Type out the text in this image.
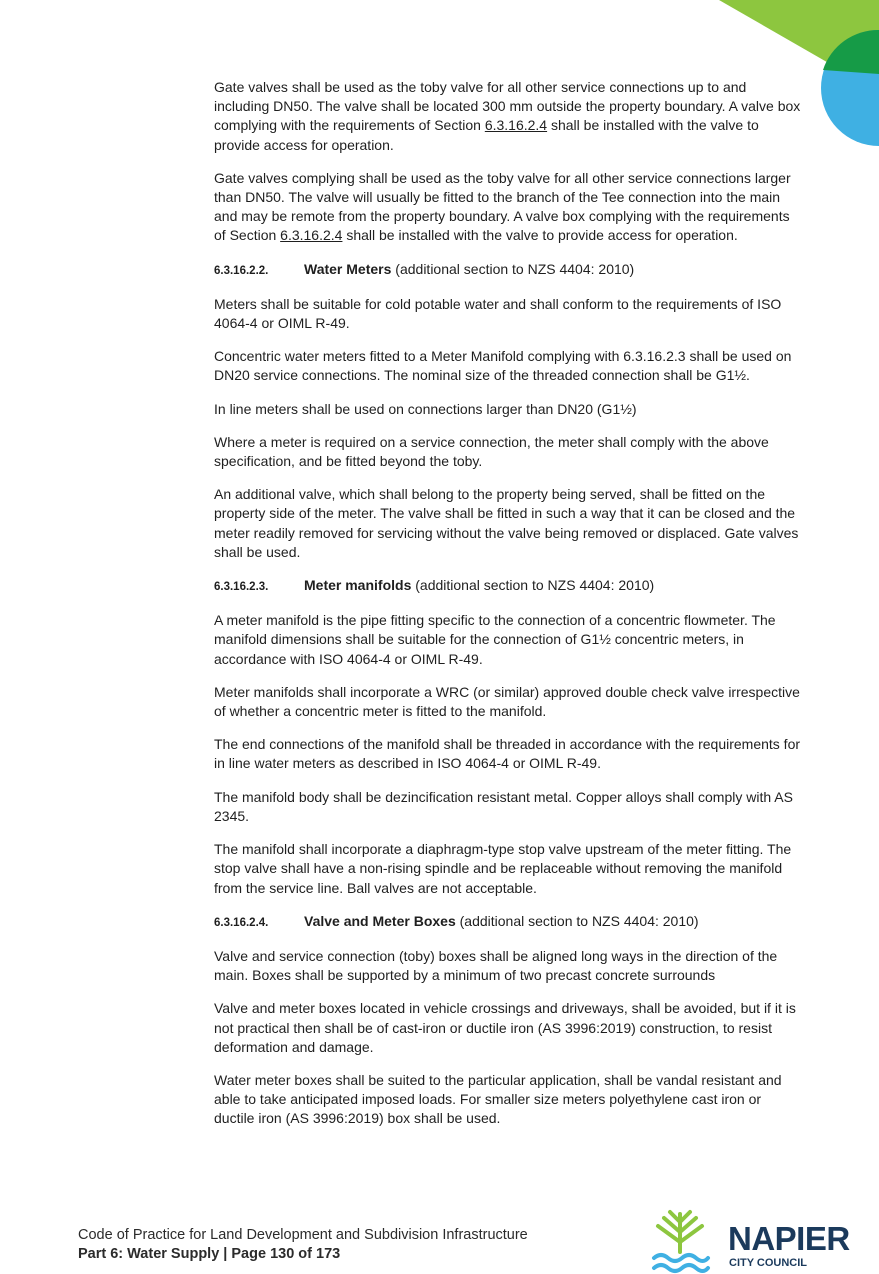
Gate valves shall be used as the toby valve for all other service connections up to and including DN50. The valve shall be located 300 mm outside the property boundary. A valve box complying with the requirements of Section 6.3.16.2.4 shall be installed with the valve to provide access for operation.

Gate valves complying shall be used as the toby valve for all other service connections larger than DN50. The valve will usually be fitted to the branch of the Tee connection into the main and may be remote from the property boundary. A valve box complying with the requirements of Section 6.3.16.2.4 shall be installed with the valve to provide access for operation.

6.3.16.2.2.	Water Meters (additional section to NZS 4404: 2010)

Meters shall be suitable for cold potable water and shall conform to the requirements of ISO 4064-4 or OIML R-49.

Concentric water meters fitted to a Meter Manifold complying with 6.3.16.2.3 shall be used on DN20 service connections. The nominal size of the threaded connection shall be G1½.

In line meters shall be used on connections larger than DN20 (G1½)

Where a meter is required on a service connection, the meter shall comply with the above specification, and be fitted beyond the toby.

An additional valve, which shall belong to the property being served, shall be fitted on the property side of the meter. The valve shall be fitted in such a way that it can be closed and the meter readily removed for servicing without the valve being removed or displaced. Gate valves shall be used.

6.3.16.2.3.	Meter manifolds (additional section to NZS 4404: 2010)

A meter manifold is the pipe fitting specific to the connection of a concentric flowmeter. The manifold dimensions shall be suitable for the connection of G1½ concentric meters, in accordance with ISO 4064-4 or OIML R-49.

Meter manifolds shall incorporate a WRC (or similar) approved double check valve irrespective of whether a concentric meter is fitted to the manifold.

The end connections of the manifold shall be threaded in accordance with the requirements for in line water meters as described in ISO 4064-4 or OIML R-49.

The manifold body shall be dezincification resistant metal. Copper alloys shall comply with AS 2345.

The manifold shall incorporate a diaphragm-type stop valve upstream of the meter fitting. The stop valve shall have a non-rising spindle and be replaceable without removing the manifold from the service line. Ball valves are not acceptable.

6.3.16.2.4.	Valve and Meter Boxes (additional section to NZS 4404: 2010)

Valve and service connection (toby) boxes shall be aligned long ways in the direction of the main. Boxes shall be supported by a minimum of two precast concrete surrounds

Valve and meter boxes located in vehicle crossings and driveways, shall be avoided, but if it is not practical then shall be of cast-iron or ductile iron (AS 3996:2019) construction, to resist deformation and damage.

Water meter boxes shall be suited to the particular application, shall be vandal resistant and able to take anticipated imposed loads. For smaller size meters polyethylene cast iron or ductile iron (AS 3996:2019) box shall be used.

Code of Practice for Land Development and Subdivision Infrastructure
Part 6: Water Supply | Page 130 of 173	NAPIER
CITY COUNCIL
